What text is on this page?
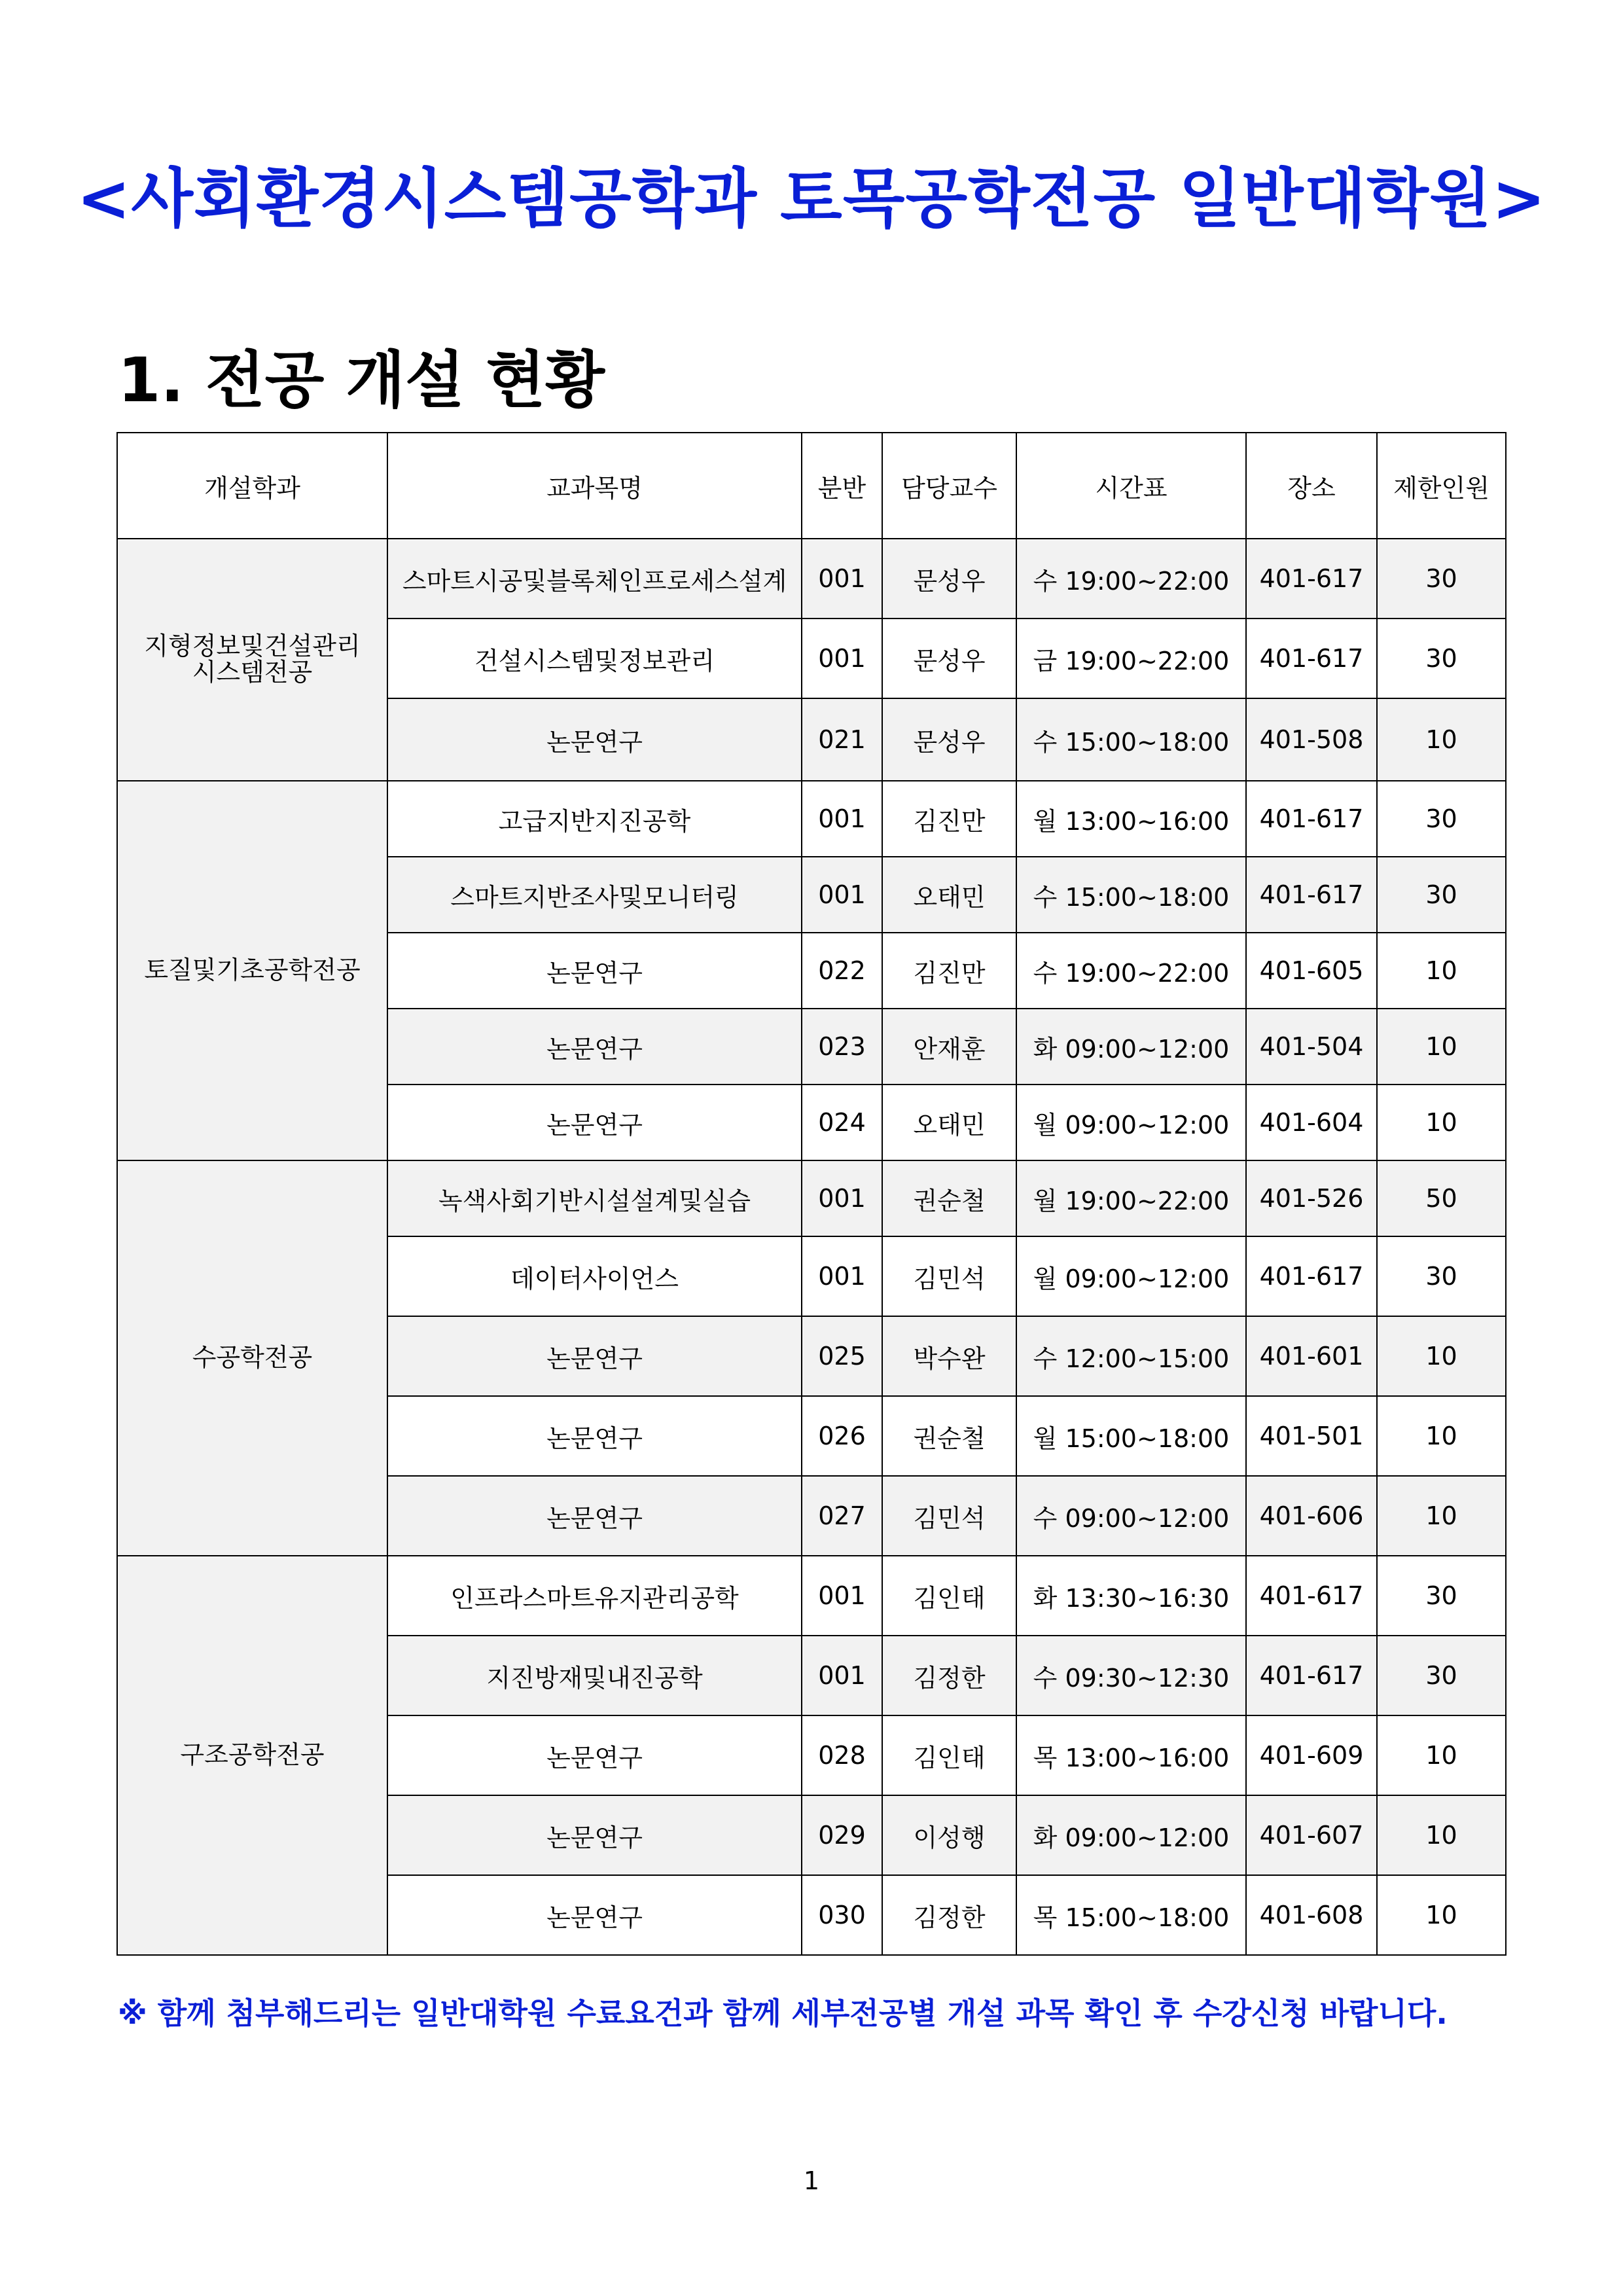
<사회환경시스템공학과 토목공학전공 일반대학원>
1. 전공 개설 현황
개설학과	교과목명	분반	담당교수	시간표	장소	제한인원
지형정보및건설관리 시스템전공	스마트시공및블록체인프로세스설계	001	문성우	수 19:00~22:00	401-617	30
	건설시스템및정보관리	001	문성우	금 19:00~22:00	401-617	30
	논문연구	021	문성우	수 15:00~18:00	401-508	10
토질및기초공학전공	고급지반지진공학	001	김진만	월 13:00~16:00	401-617	30
	스마트지반조사및모니터링	001	오태민	수 15:00~18:00	401-617	30
	논문연구	022	김진만	수 19:00~22:00	401-605	10
	논문연구	023	안재훈	화 09:00~12:00	401-504	10
	논문연구	024	오태민	월 09:00~12:00	401-604	10
수공학전공	녹색사회기반시설설계및실습	001	권순철	월 19:00~22:00	401-526	50
	데이터사이언스	001	김민석	월 09:00~12:00	401-617	30
	논문연구	025	박수완	수 12:00~15:00	401-601	10
	논문연구	026	권순철	월 15:00~18:00	401-501	10
	논문연구	027	김민석	수 09:00~12:00	401-606	10
구조공학전공	인프라스마트유지관리공학	001	김인태	화 13:30~16:30	401-617	30
	지진방재및내진공학	001	김정한	수 09:30~12:30	401-617	30
	논문연구	028	김인태	목 13:00~16:00	401-609	10
	논문연구	029	이성행	화 09:00~12:00	401-607	10
	논문연구	030	김정한	목 15:00~18:00	401-608	10
※ 함께 첨부해드리는 일반대학원 수료요건과 함께 세부전공별 개설 과목 확인 후 수강신청 바랍니다.
1
